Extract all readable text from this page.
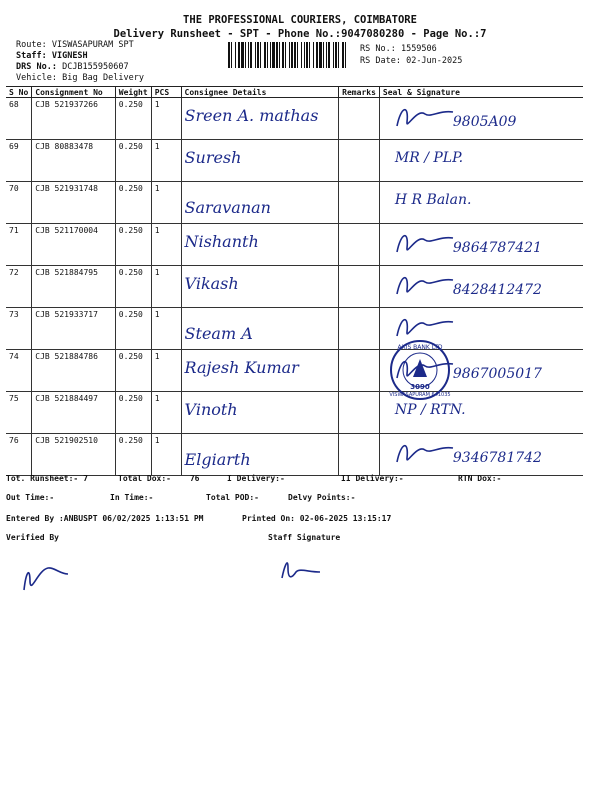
THE PROFESSIONAL COURIERS, COIMBATORE
Delivery Runsheet - SPT - Phone No.:9047080280 - Page No.:7
Route: VISWASAPURAM SPT
Staff: VIGNESH
DRS No.: DCJB155950607
Vehicle: Big Bag Delivery
RS No.: 1559506
RS Date: 02-Jun-2025
S No	Consignment No	Weight	PCS	Consignee Details	Remarks	Seal & Signature
68	CJB 521937266	0.250	1	Sreen A. mathas		9805A09

69	CJB 80883478	0.250	1	Suresh		MR / PLP.

70	CJB 521931748	0.250	1	Saravanan		H R Balan.

71	CJB 521170004	0.250	1	Nishanth		9864787421

72	CJB 521884795	0.250	1	Vikash		8428412472

73	CJB 521933717	0.250	1	Steam A

74	CJB 521884786	0.250	1	Rajesh Kumar		9867005017

75	CJB 521884497	0.250	1	Vinoth		NP / RTN.

76	CJB 521902510	0.250	1	Elgiarth		9346781742
AXIS BANK LTD
VISWASAPURAM 641035
3090
Tot. Runsheet:- 7	Total Dox:- 76	I Delivery:-	II Delivery:-	RTN Dox:-
Out Time:-	In Time:-	Total POD:-	Delvy Points:-
Entered By :ANBUSPT 06/02/2025 1:13:51 PM	Printed On: 02-06-2025 13:15:17
Verified By	Staff Signature
